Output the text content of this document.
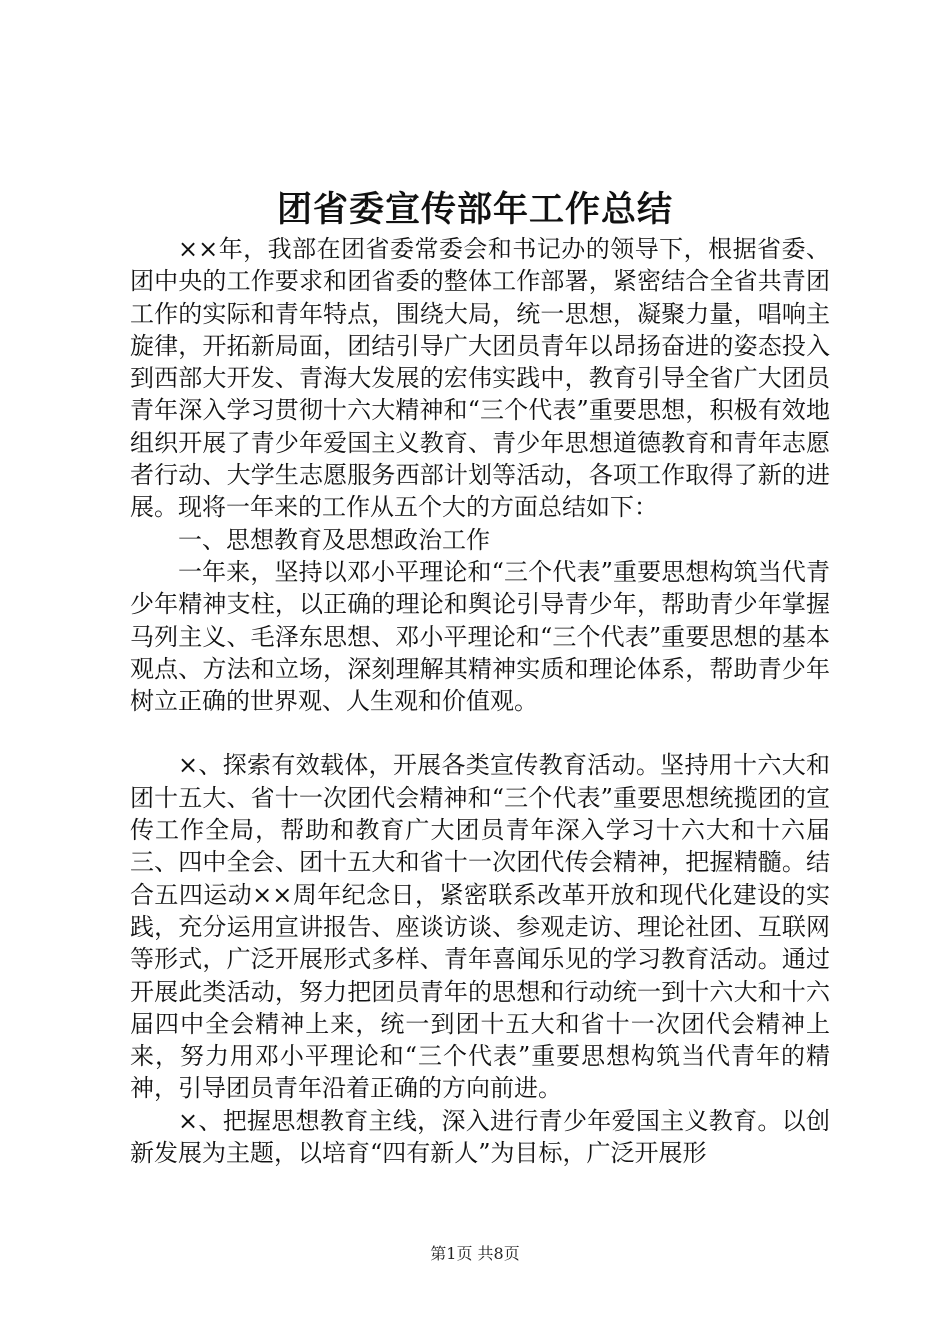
团省委宣传部年工作总结

××年，我部在团省委常委会和书记办的领导下，根据省委、团中央的工作要求和团省委的整体工作部署，紧密结合全省共青团工作的实际和青年特点，围绕大局，统一思想，凝聚力量，唱响主旋律，开拓新局面，团结引导广大团员青年以昂扬奋进的姿态投入到西部大开发、青海大发展的宏伟实践中，教育引导全省广大团员青年深入学习贯彻十六大精神和“三个代表”重要思想，积极有效地组织开展了青少年爱国主义教育、青少年思想道德教育和青年志愿者行动、大学生志愿服务西部计划等活动，各项工作取得了新的进展。现将一年来的工作从五个大的方面总结如下：

一、思想教育及思想政治工作

一年来，坚持以邓小平理论和“三个代表”重要思想构筑当代青少年精神支柱，以正确的理论和舆论引导青少年，帮助青少年掌握马列主义、毛泽东思想、邓小平理论和“三个代表”重要思想的基本观点、方法和立场，深刻理解其精神实质和理论体系，帮助青少年树立正确的世界观、人生观和价值观。

×、探索有效载体，开展各类宣传教育活动。坚持用十六大和团十五大、省十一次团代会精神和“三个代表”重要思想统揽团的宣传工作全局，帮助和教育广大团员青年深入学习十六大和十六届三、四中全会、团十五大和省十一次团代传会精神，把握精髓。结合五四运动××周年纪念日，紧密联系改革开放和现代化建设的实践，充分运用宣讲报告、座谈访谈、参观走访、理论社团、互联网等形式，广泛开展形式多样、青年喜闻乐见的学习教育活动。通过开展此类活动，努力把团员青年的思想和行动统一到十六大和十六届四中全会精神上来，统一到团十五大和省十一次团代会精神上来，努力用邓小平理论和“三个代表”重要思想构筑当代青年的精神，引导团员青年沿着正确的方向前进。

×、把握思想教育主线，深入进行青少年爱国主义教育。以创新发展为主题，以培育“四有新人”为目标，广泛开展形

第1页 共8页
